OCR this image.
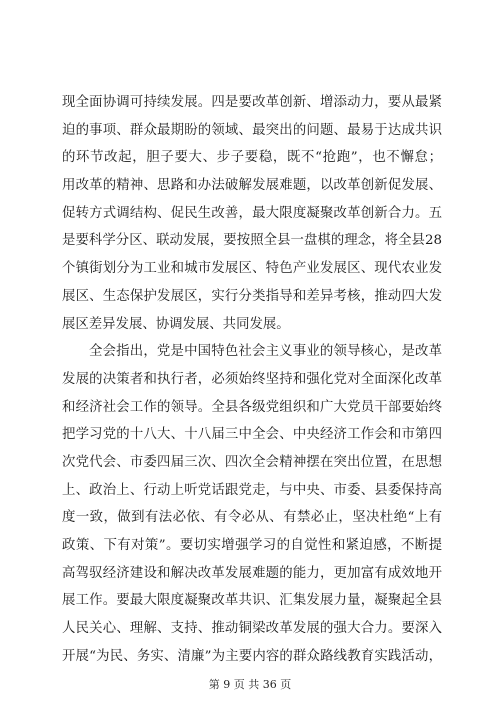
现全面协调可持续发展。四是要改革创新、增添动力，要从最紧
迫的事项、群众最期盼的领域、最突出的问题、最易于达成共识
的环节改起，胆子要大、步子要稳，既不“抢跑”，也不懈怠；
用改革的精神、思路和办法破解发展难题，以改革创新促发展、
促转方式调结构、促民生改善，最大限度凝聚改革创新合力。五
是要科学分区、联动发展，要按照全县一盘棋的理念，将全县28
个镇街划分为工业和城市发展区、特色产业发展区、现代农业发
展区、生态保护发展区，实行分类指导和差异考核，推动四大发
展区差异发展、协调发展、共同发展。
全会指出，党是中国特色社会主义事业的领导核心，是改革
发展的决策者和执行者，必须始终坚持和强化党对全面深化改革
和经济社会工作的领导。全县各级党组织和广大党员干部要始终
把学习党的十八大、十八届三中全会、中央经济工作会和市第四
次党代会、市委四届三次、四次全会精神摆在突出位置，在思想
上、政治上、行动上听党话跟党走，与中央、市委、县委保持高
度一致，做到有法必依、有令必从、有禁必止，坚决杜绝“上有
政策、下有对策”。要切实增强学习的自觉性和紧迫感，不断提
高驾驭经济建设和解决改革发展难题的能力，更加富有成效地开
展工作。要最大限度凝聚改革共识、汇集发展力量，凝聚起全县
人民关心、理解、支持、推动铜梁改革发展的强大合力。要深入
开展“为民、务实、清廉”为主要内容的群众路线教育实践活动，
第 9 页 共 36 页
